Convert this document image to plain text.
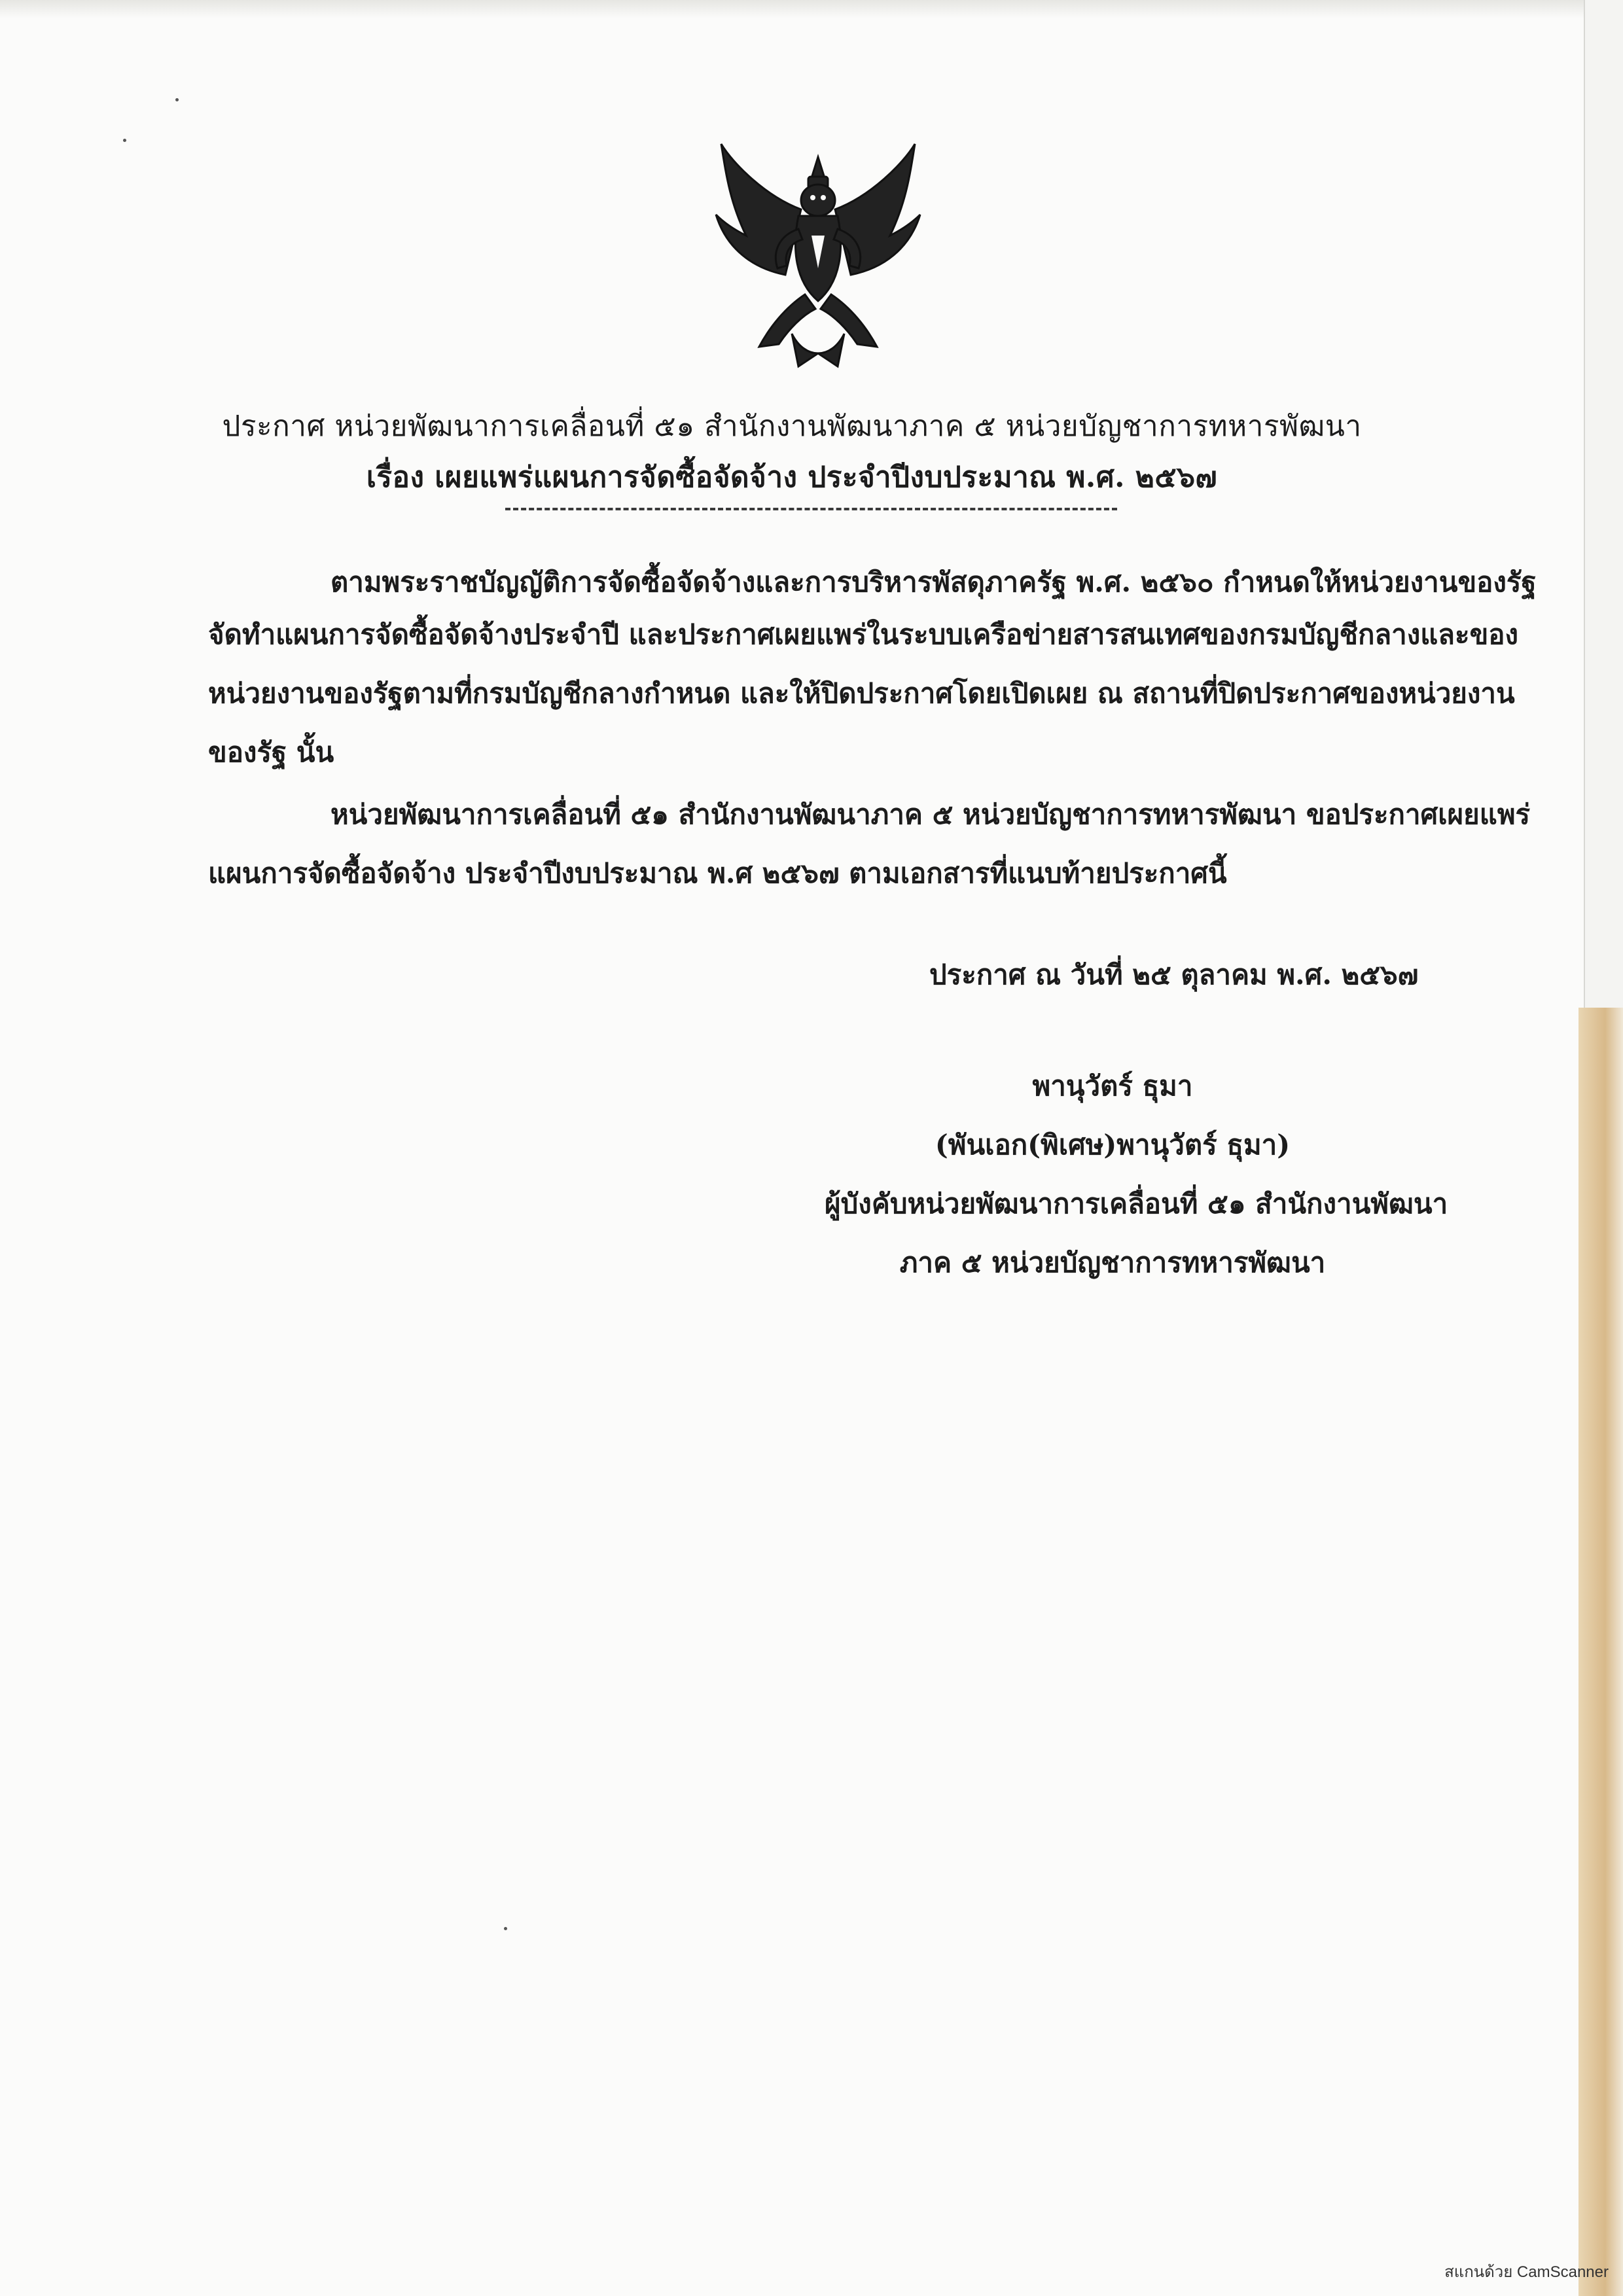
ประกาศ หน่วยพัฒนาการเคลื่อนที่ ๕๑ สำนักงานพัฒนาภาค ๕ หน่วยบัญชาการทหารพัฒนา
เรื่อง เผยแพร่แผนการจัดซื้อจัดจ้าง ประจำปีงบประมาณ พ.ศ. ๒๕๖๗
ตามพระราชบัญญัติการจัดซื้อจัดจ้างและการบริหารพัสดุภาครัฐ พ.ศ. ๒๕๖๐ กำหนดให้หน่วยงานของรัฐ
จัดทำแผนการจัดซื้อจัดจ้างประจำปี และประกาศเผยแพร่ในระบบเครือข่ายสารสนเทศของกรมบัญชีกลางและของ
หน่วยงานของรัฐตามที่กรมบัญชีกลางกำหนด และให้ปิดประกาศโดยเปิดเผย ณ สถานที่ปิดประกาศของหน่วยงาน
ของรัฐ นั้น
หน่วยพัฒนาการเคลื่อนที่ ๕๑ สำนักงานพัฒนาภาค ๕ หน่วยบัญชาการทหารพัฒนา ขอประกาศเผยแพร่
แผนการจัดซื้อจัดจ้าง ประจำปีงบประมาณ พ.ศ ๒๕๖๗ ตามเอกสารที่แนบท้ายประกาศนี้
ประกาศ ณ วันที่ ๒๕ ตุลาคม พ.ศ. ๒๕๖๗
พานุวัตร์ ธุมา
(พันเอก(พิเศษ)พานุวัตร์ ธุมา)
ผู้บังคับหน่วยพัฒนาการเคลื่อนที่ ๕๑ สำนักงานพัฒนา
ภาค ๕ หน่วยบัญชาการทหารพัฒนา
สแกนด้วย CamScanner
